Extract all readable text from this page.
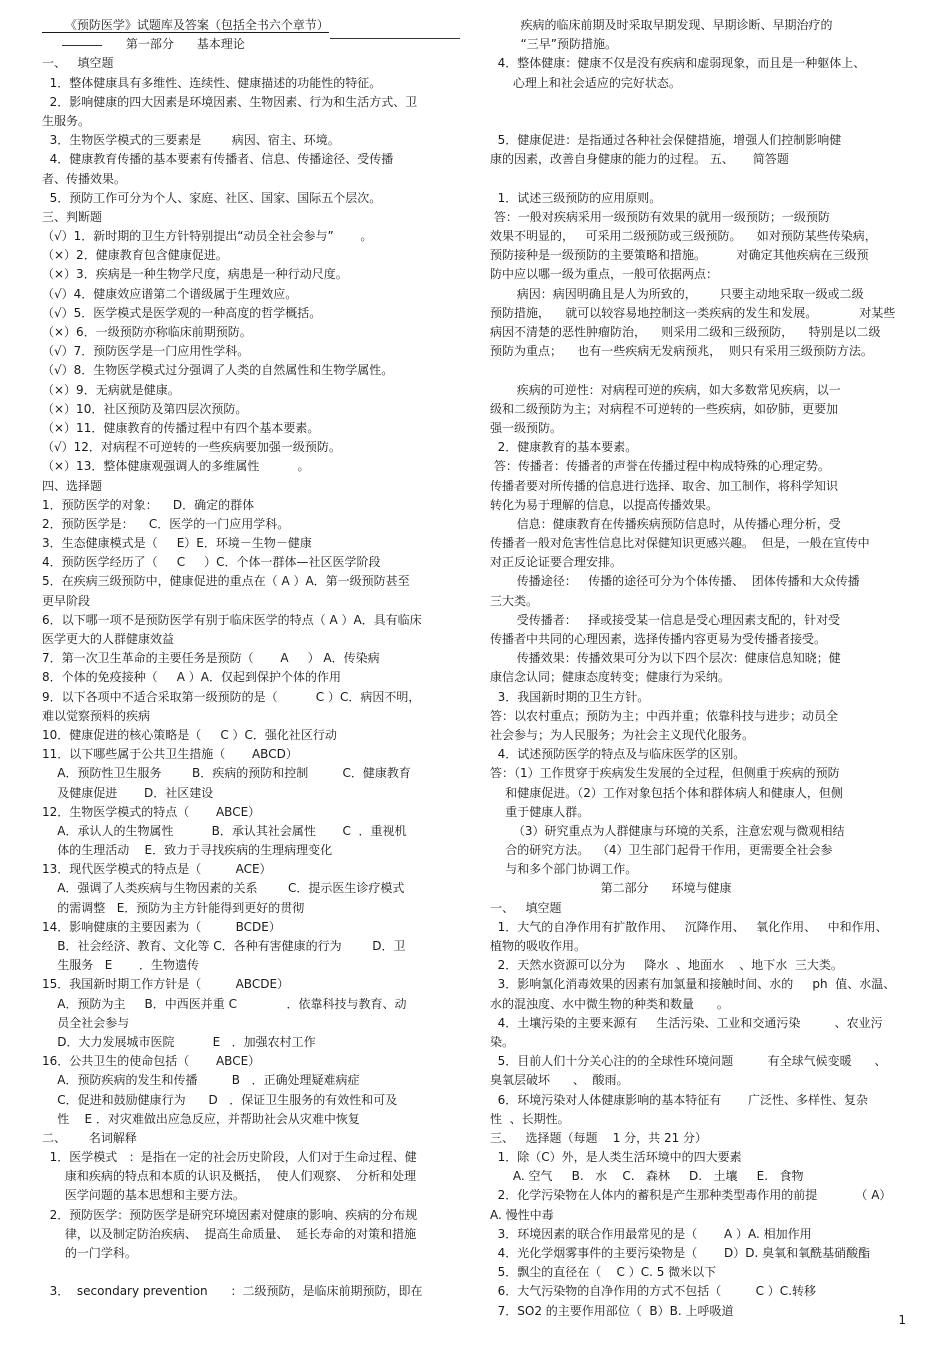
《预防医学》试题库及答案（包括全书六个章节）
第一部分      基本理论
一、   填空题
1．整体健康具有多维性、连续性、健康描述的功能性的特征。
2．影响健康的四大因素是环境因素、生物因素、行为和生活方式、卫
生服务。
3．生物医学模式的三要素是        病因、宿主、环境。
4．健康教育传播的基本要素有传播者、信息、传播途径、受传播
者、传播效果。
5．预防工作可分为个人、家庭、社区、国家、国际五个层次。
三、判断题
（√）1．新时期的卫生方针特别提出“动员全社会参与”       。
（×）2．健康教育包含健康促进。
（×）3．疾病是一种生物学尺度，病患是一种行动尺度。
（√）4．健康效应谱第二个谱级属于生理效应。
（√）5．医学模式是医学观的一种高度的哲学概括。
（×）6．一级预防亦称临床前期预防。
（√）7．预防医学是一门应用性学科。
（√）8．生物医学模式过分强调了人类的自然属性和生物学属性。
（×）9．无病就是健康。
（×）10．社区预防及第四层次预防。
（×）11．健康教育的传播过程中有四个基本要素。
（√）12．对病程不可逆转的一些疾病要加强一级预防。
（×）13．整体健康观强调人的多维属性          。
四、选择题
1．预防医学的对象：    D．确定的群体
2．预防医学是：    C．医学的一门应用学科。
3．生态健康模式是（     E）E．环境－生物－健康
4．预防医学经历了（     C     ）C．个体一群体—社区医学阶段
5．在疾病三级预防中，健康促进的重点在（ A ）A．第一级预防甚至
更早阶段
6．以下哪一项不是预防医学有别于临床医学的特点（ A ）A．具有临床
医学更大的人群健康效益
7．第一次卫生革命的主要任务是预防（       A     ） A．传染病
8．个体的免疫接种（     A ）A．仅起到保护个体的作用
9．以下各项中不适合采取第一级预防的是（          C ）C．病因不明，
难以觉察预料的疾病
10．健康促进的核心策略是（     C ）C．强化社区行动
11．以下哪些属于公共卫生措施（       ABCD）
A．预防性卫生服务        B．疾病的预防和控制         C．健康教育
及健康促进       D．社区建设
12．生物医学模式的特点（       ABCE）
A．承认人的生物属性          B．承认其社会属性       C  ．重视机
体的生理活动    E．致力于寻找疾病的生理病理变化
13．现代医学模式的特点是（         ACE）
A．强调了人类疾病与生物因素的关系        C．提示医生诊疗模式
的需调整   E．预防为主方针能得到更好的贯彻
14．影响健康的主要因素为（         BCDE）
B．社会经济、教育、文化等 C．各种有害健康的行为        D．卫
生服务   E       ．生物遗传
15．我国新时期工作方针是（         ABCDE）
A．预防为主     B．中西医并重 C             ．依靠科技与教育、动
员全社会参与
D．大力发展城市医院          E   ．加强农村工作
16．公共卫生的使命包括（       ABCE）
A．预防疾病的发生和传播         B   ．正确处理疑难病症
C．促进和鼓励健康行为      D   ．保证卫生服务的有效性和可及
性    E ．对灾难做出应急反应，并帮助社会从灾难中恢复
二、      名词解释
1．医学模式   ：是指在一定的社会历史阶段，人们对于生命过程、健
康和疾病的特点和本质的认识及概括，  使人们观察、  分析和处理
医学问题的基本思想和主要方法。
2．预防医学：预防医学是研究环境因素对健康的影响、疾病的分布规
律，以及制定防治疾病、  提高生命质量、  延长寿命的对策和措施
的一门学科。
3．  secondary prevention      ：二级预防，是临床前期预防，即在
疾病的临床前期及时采取早期发现、早期诊断、早期治疗的
“三早”预防措施。
4．整体健康：健康不仅是没有疾病和虚弱现象，而且是一种躯体上、
心理上和社会适应的完好状态。
5．健康促进：是指通过各种社会保健措施，增强人们控制影响健
康的因素，改善自身健康的能力的过程。 五、     简答题
1．试述三级预防的应用原则。
答：一般对疾病采用一级预防有效果的就用一级预防；一级预防
效果不明显的，   可采用二级预防或三级预防。    如对预防某些传染病，
预防接种是一级预防的主要策略和措施。        对确定其他疾病在三级预
防中应以哪一级为重点，一般可依据两点：
病因：病因明确且是人为所致的，      只要主动地采取一级或二级
预防措施，    就可以较容易地控制这一类疾病的发生和发展。           对某些
病因不清楚的恶性肿瘤防治，    则采用二级和三级预防，    特别是以二级
预防为重点；    也有一些疾病无发病预兆，  则只有采用三级预防方法。
疾病的可逆性：对病程可逆的疾病，如大多数常见疾病，以一
级和二级预防为主；对病程不可逆转的一些疾病，如矽肺，更要加
强一级预防。
2．健康教育的基本要素。
答：传播者：传播者的声誉在传播过程中构成特殊的心理定势。
传播者要对所传播的信息进行选择、取舍、加工制作，将科学知识
转化为易于理解的信息，以提高传播效果。
信息：健康教育在传播疾病预防信息时，从传播心理分析，受
传播者一般对危害性信息比对保健知识更感兴趣。  但是，一般在宣传中
对正反论证要合理安排。
传播途径：   传播的途径可分为个体传播、  团体传播和大众传播
三大类。
受传播者：   择或接受某一信息是受心理因素支配的，针对受
传播者中共同的心理因素，选择传播内容更易为受传播者接受。
传播效果：传播效果可分为以下四个层次：健康信息知晓；健
康信念认同；健康态度转变；健康行为采纳。
3．我国新时期的卫生方针。
答：以农村重点；预防为主；中西并重；依靠科技与进步；动员全
社会参与；为人民服务；为社会主义现代化服务。
4．试述预防医学的特点及与临床医学的区别。
答：（1）工作贯穿于疾病发生发展的全过程，但侧重于疾病的预防
和健康促进。（2）工作对象包括个体和群体病人和健康人，但侧
重于健康人群。
（3）研究重点为人群健康与环境的关系，注意宏观与微观相结
合的研究方法。  （4）卫生部门起骨干作用，更需要全社会参
与和多个部门协调工作。
第二部分      环境与健康
一、   填空题
1．大气的自净作用有扩散作用、   沉降作用、   氧化作用、   中和作用、
植物的吸收作用。
2．天然水资源可以分为     降水  、地面水    、地下水  三大类。
3．影响氯化消毒效果的因素有加氯量和接触时间、水的     ph  值、水温、
水的混浊度、水中微生物的种类和数量      。
4．土壤污染的主要来源有     生活污染、工业和交通污染         、农业污
染。
5．目前人们十分关心注的的全球性环境问题         有全球气候变暖      、
臭氧层破坏      、  酸雨。
6．环境污染对人体健康影响的基本特征有       广泛性、多样性、复杂
性  、长期性。
三、   选择题（每题    1 分，共 21 分）
1．除（C）外，是人类生活环境中的四大要素
A. 空气     B.   水    C.   森林     D.   土壤     E.   食物
2．化学污染物在人体内的蓄积是产生那种类型毒作用的前提          （ A）
A. 慢性中毒
3．环境因素的联合作用最常见的是（       A ）A. 相加作用
4．光化学烟雾事件的主要污染物是（       D）D. 臭氧和氧酰基硝酸酯
5．飘尘的直径在（    C ）C. 5 微米以下
6．大气污染物的自净作用的方式不包括（         C ）C.转移
7．SO2 的主要作用部位（  B）B. 上呼吸道
1
